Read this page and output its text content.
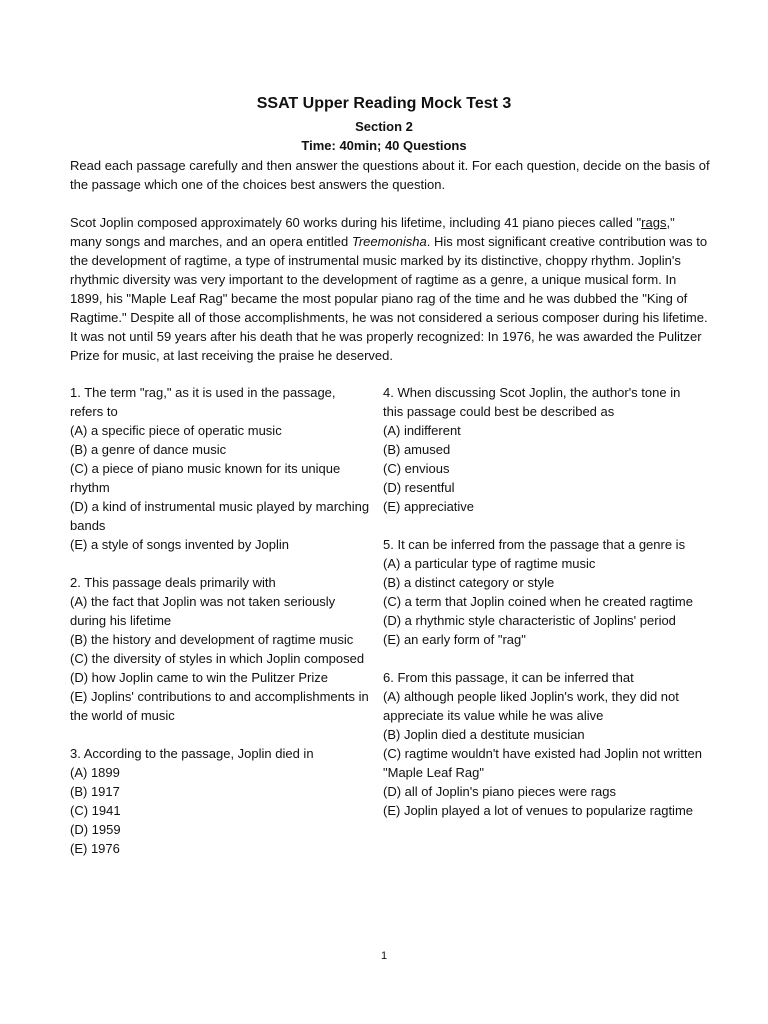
SSAT Upper Reading Mock Test 3
Section 2
Time: 40min; 40 Questions

Read each passage carefully and then answer the questions about it. For each question, decide on the basis of the passage which one of the choices best answers the question.

Scot Joplin composed approximately 60 works during his lifetime, including 41 piano pieces called "rags," many songs and marches, and an opera entitled Treemonisha. His most significant creative contribution was to the development of ragtime, a type of instrumental music marked by its distinctive, choppy rhythm. Joplin's rhythmic diversity was very important to the development of ragtime as a genre, a unique musical form. In 1899, his "Maple Leaf Rag" became the most popular piano rag of the time and he was dubbed the "King of Ragtime." Despite all of those accomplishments, he was not considered a serious composer during his lifetime. It was not until 59 years after his death that he was properly recognized: In 1976, he was awarded the Pulitzer Prize for music, at last receiving the praise he deserved.

1. The term "rag," as it is used in the passage, refers to
(A) a specific piece of operatic music
(B) a genre of dance music
(C) a piece of piano music known for its unique rhythm
(D) a kind of instrumental music played by marching bands
(E) a style of songs invented by Joplin
2. This passage deals primarily with
(A) the fact that Joplin was not taken seriously during his lifetime
(B) the history and development of ragtime music
(C) the diversity of styles in which Joplin composed
(D) how Joplin came to win the Pulitzer Prize
(E) Joplins' contributions to and accomplishments in the world of music
3. According to the passage, Joplin died in
(A) 1899
(B) 1917
(C) 1941
(D) 1959
(E) 1976
4. When discussing Scot Joplin, the author's tone in this passage could best be described as
(A) indifferent
(B) amused
(C) envious
(D) resentful
(E) appreciative
5. It can be inferred from the passage that a genre is
(A) a particular type of ragtime music
(B) a distinct category or style
(C) a term that Joplin coined when he created ragtime
(D) a rhythmic style characteristic of Joplins' period
(E) an early form of "rag"
6. From this passage, it can be inferred that
(A) although people liked Joplin's work, they did not appreciate its value while he was alive
(B) Joplin died a destitute musician
(C) ragtime wouldn't have existed had Joplin not written "Maple Leaf Rag"
(D) all of Joplin's piano pieces were rags
(E) Joplin played a lot of venues to popularize ragtime
1
